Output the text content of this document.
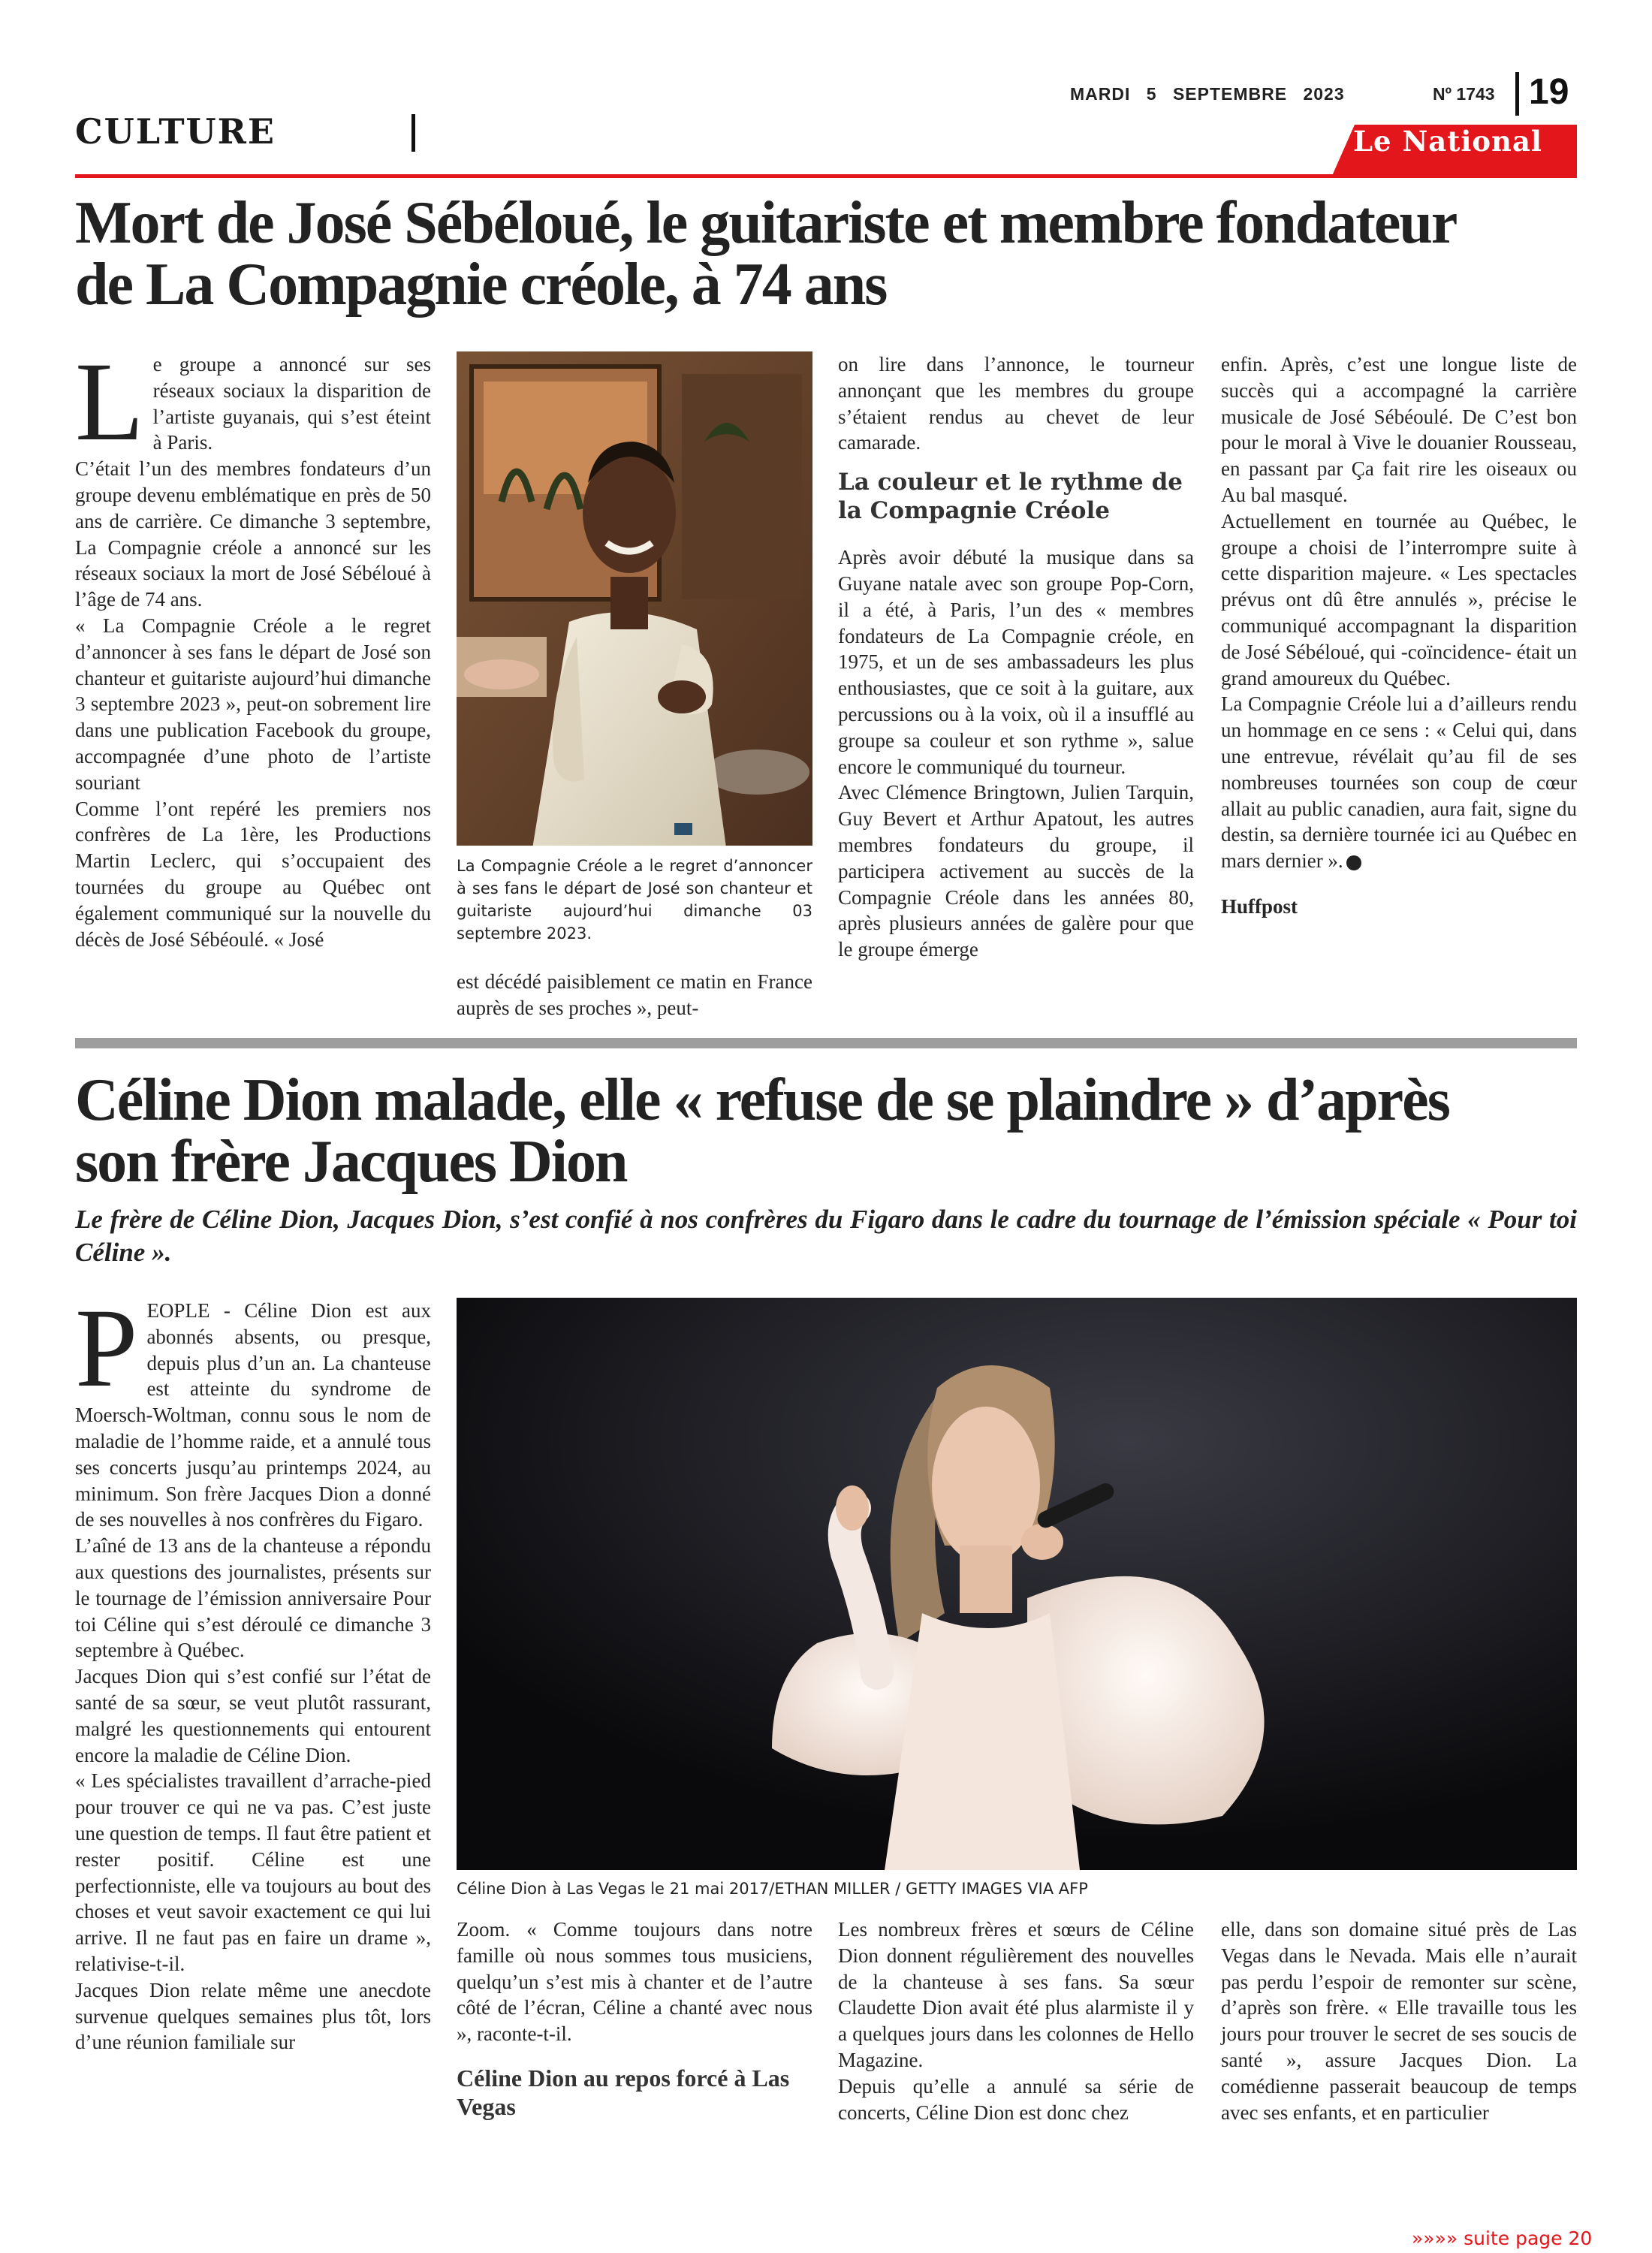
CULTURE
MARDI 5 SEPTEMBRE 2023	Nº 1743 19
Le National
Mort de José Sébéloué, le guitariste et membre fondateur
de La Compagnie créole, à 74 ans
L e groupe a annoncé sur ses réseaux sociaux la disparition de l’artiste guyanais, qui s’est éteint à Paris.

C’était l’un des membres fondateurs d’un groupe devenu emblématique en près de 50 ans de carrière. Ce dimanche 3 septembre, La Compagnie créole a annoncé sur les réseaux sociaux la mort de José Sébéloué à l’âge de 74 ans.

« La Compagnie Créole a le regret d’annoncer à ses fans le départ de José son chanteur et guitariste aujourd’hui dimanche 3 septembre 2023 », peut-on sobrement lire dans une publication Facebook du groupe, accompagnée d’une photo de l’artiste souriant

Comme l’ont repéré les premiers nos confrères de La 1ère, les Productions Martin Leclerc, qui s’occupaient des tournées du groupe au Québec ont également communiqué sur la nouvelle du décès de José Sébéoulé. « José

La Compagnie Créole a le regret d’annoncer à ses fans le départ de José son chanteur et guitariste aujourd’hui dimanche 03 septembre 2023.

est décédé paisiblement ce matin en France auprès de ses proches », peut-

on lire dans l’annonce, le tourneur annonçant que les membres du groupe s’étaient rendus au chevet de leur camarade.

La couleur et le rythme de la Compagnie Créole

Après avoir débuté la musique dans sa Guyane natale avec son groupe Pop-Corn, il a été, à Paris, l’un des « membres fondateurs de La Compagnie créole, en 1975, et un de ses ambassadeurs les plus enthousiastes, que ce soit à la guitare, aux percussions ou à la voix, où il a insufflé au groupe sa couleur et son rythme », salue encore le communiqué du tourneur.

Avec Clémence Bringtown, Julien Tarquin, Guy Bevert et Arthur Apatout, les autres membres fondateurs du groupe, il participera activement au succès de la Compagnie Créole dans les années 80, après plusieurs années de galère pour que le groupe émerge

enfin. Après, c’est une longue liste de succès qui a accompagné la carrière musicale de José Sébéoulé. De C’est bon pour le moral à Vive le douanier Rousseau, en passant par Ça fait rire les oiseaux ou Au bal masqué.

Actuellement en tournée au Québec, le groupe a choisi de l’interrompre suite à cette disparition majeure. « Les spectacles prévus ont dû être annulés », précise le communiqué accompagnant la disparition de José Sébéloué, qui -coïncidence- était un grand amoureux du Québec.

La Compagnie Créole lui a d’ailleurs rendu un hommage en ce sens : « Celui qui, dans une entrevue, révélait qu’au fil de ses nombreuses tournées son coup de cœur allait au public canadien, aura fait, signe du destin, sa dernière tournée ici au Québec en mars dernier ».

Huffpost
Céline Dion malade, elle « refuse de se plaindre » d’après
son frère Jacques Dion
Le frère de Céline Dion, Jacques Dion, s’est confié à nos confrères du Figaro dans le cadre du tournage de l’émission spéciale « Pour toi Céline ».
P EOPLE - Céline Dion est aux abonnés absents, ou presque, depuis plus d’un an. La chanteuse est atteinte du syndrome de Moersch-Woltman, connu sous le nom de maladie de l’homme raide, et a annulé tous ses concerts jusqu’au printemps 2024, au minimum. Son frère Jacques Dion a donné de ses nouvelles à nos confrères du Figaro.

L’aîné de 13 ans de la chanteuse a répondu aux questions des journalistes, présents sur le tournage de l’émission anniversaire Pour toi Céline qui s’est déroulé ce dimanche 3 septembre à Québec.

Jacques Dion qui s’est confié sur l’état de santé de sa sœur, se veut plutôt rassurant, malgré les questionnements qui entourent encore la maladie de Céline Dion.

« Les spécialistes travaillent d’arrache-pied pour trouver ce qui ne va pas. C’est juste une question de temps. Il faut être patient et rester positif. Céline est une perfectionniste, elle va toujours au bout des choses et veut savoir exactement ce qui lui arrive. Il ne faut pas en faire un drame », relativise-t-il.

Jacques Dion relate même une anecdote survenue quelques semaines plus tôt, lors d’une réunion familiale sur

Céline Dion à Las Vegas le 21 mai 2017/ETHAN MILLER / GETTY IMAGES VIA AFP

Zoom. « Comme toujours dans notre famille où nous sommes tous musiciens, quelqu’un s’est mis à chanter et de l’autre côté de l’écran, Céline a chanté avec nous », raconte-t-il.

Céline Dion au repos forcé à Las Vegas

Les nombreux frères et sœurs de Céline Dion donnent régulièrement des nouvelles de la chanteuse à ses fans. Sa sœur Claudette Dion avait été plus alarmiste il y a quelques jours dans les colonnes de Hello Magazine.

Depuis qu’elle a annulé sa série de concerts, Céline Dion est donc chez

elle, dans son domaine situé près de Las Vegas dans le Nevada. Mais elle n’aurait pas perdu l’espoir de remonter sur scène, d’après son frère. « Elle travaille tous les jours pour trouver le secret de ses soucis de santé », assure Jacques Dion. La comédienne passerait beaucoup de temps avec ses enfants, et en particulier

»»»» suite page 20
